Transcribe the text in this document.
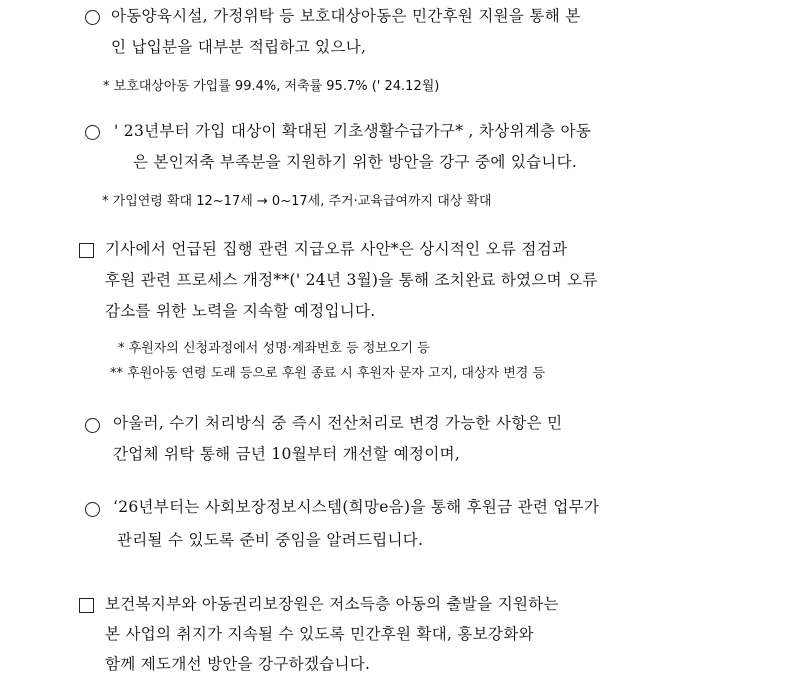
아동양육시설, 가정위탁 등 보호대상아동은 민간후원 지원을 통해 본
인 납입분을 대부분 적립하고 있으나,
* 보호대상아동 가입률 99.4%, 저축률 95.7% (' 24.12월)
' 23년부터 가입 대상이 확대된 기초생활수급가구* , 차상위계층 아동
은 본인저축 부족분을 지원하기 위한 방안을 강구 중에 있습니다.
* 가입연령 확대 12~17세 → 0~17세, 주거·교육급여까지 대상 확대
기사에서 언급된 집행 관련 지급오류 사안*은 상시적인 오류 점검과
후원 관련 프로세스 개정**(' 24년 3월)을 통해 조치완료 하였으며 오류
감소를 위한 노력을 지속할 예정입니다.
* 후원자의 신청과정에서 성명·계좌번호 등 정보오기 등
** 후원아동 연령 도래 등으로 후원 종료 시 후원자 문자 고지, 대상자 변경 등
아울러, 수기 처리방식 중 즉시 전산처리로 변경 가능한 사항은 민
간업체 위탁 통해 금년 10월부터 개선할 예정이며,
‘26년부터는 사회보장정보시스템(희망e음)을 통해 후원금 관련 업무가
관리될 수 있도록 준비 중임을 알려드립니다.
보건복지부와 아동권리보장원은 저소득층 아동의 출발을 지원하는
본 사업의 취지가 지속될 수 있도록 민간후원 확대, 홍보강화와
함께 제도개선 방안을 강구하겠습니다.
